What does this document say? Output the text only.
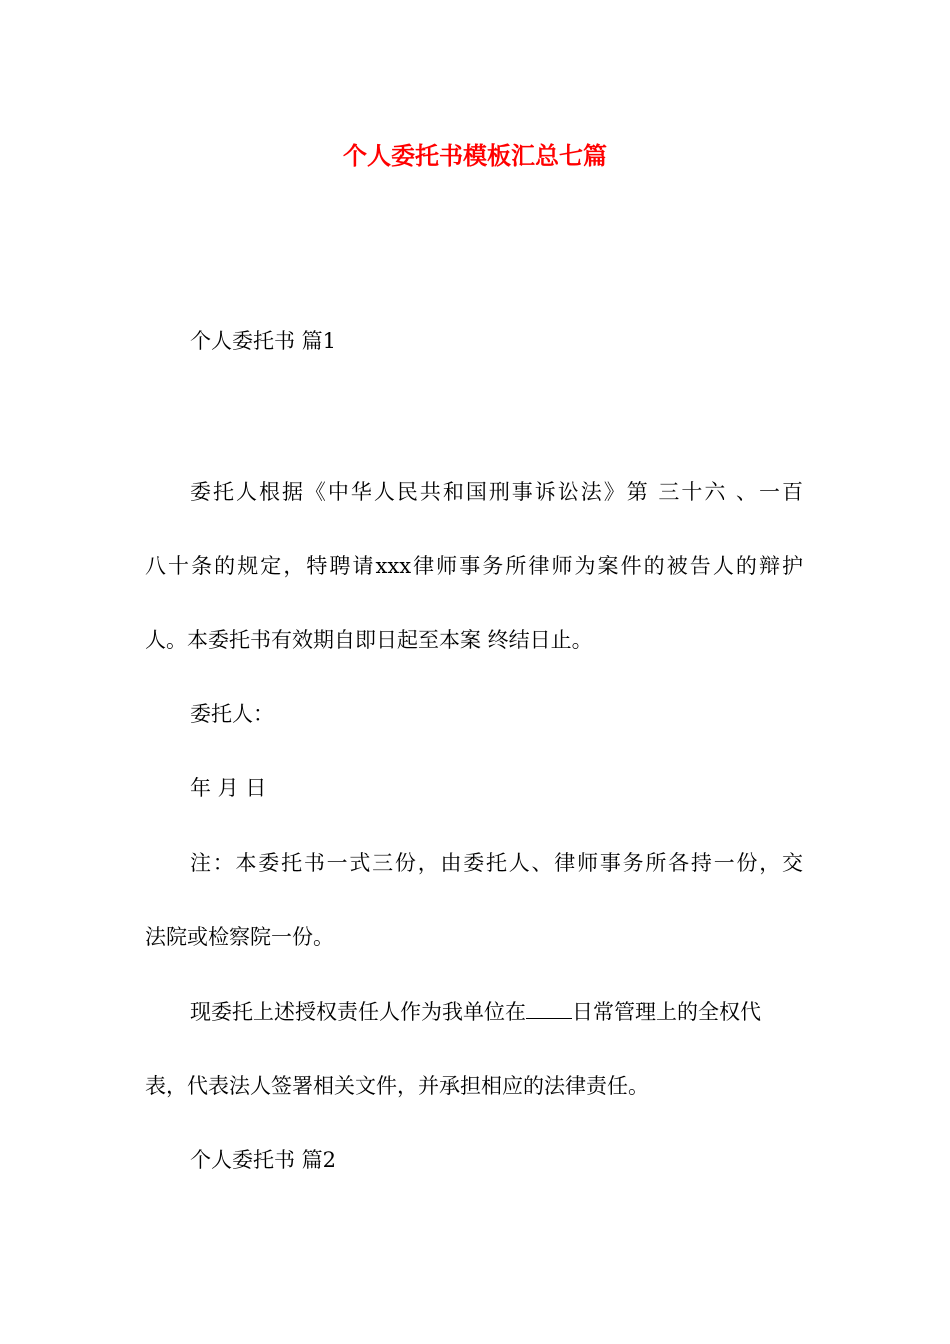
个人委托书模板汇总七篇
个人委托书 篇1
委托人根据《中华人民共和国刑事诉讼法》第 三十六 、一百
八十条的规定，特聘请xxx律师事务所律师为案件的被告人的辩护
人。本委托书有效期自即日起至本案 终结日止。
委托人：
年 月 日
注：本委托书一式三份，由委托人、律师事务所各持一份，交
法院或检察院一份。
现委托上述授权责任人作为我单位在 日常管理上的全权代
表，代表法人签署相关文件，并承担相应的法律责任。
个人委托书 篇2
